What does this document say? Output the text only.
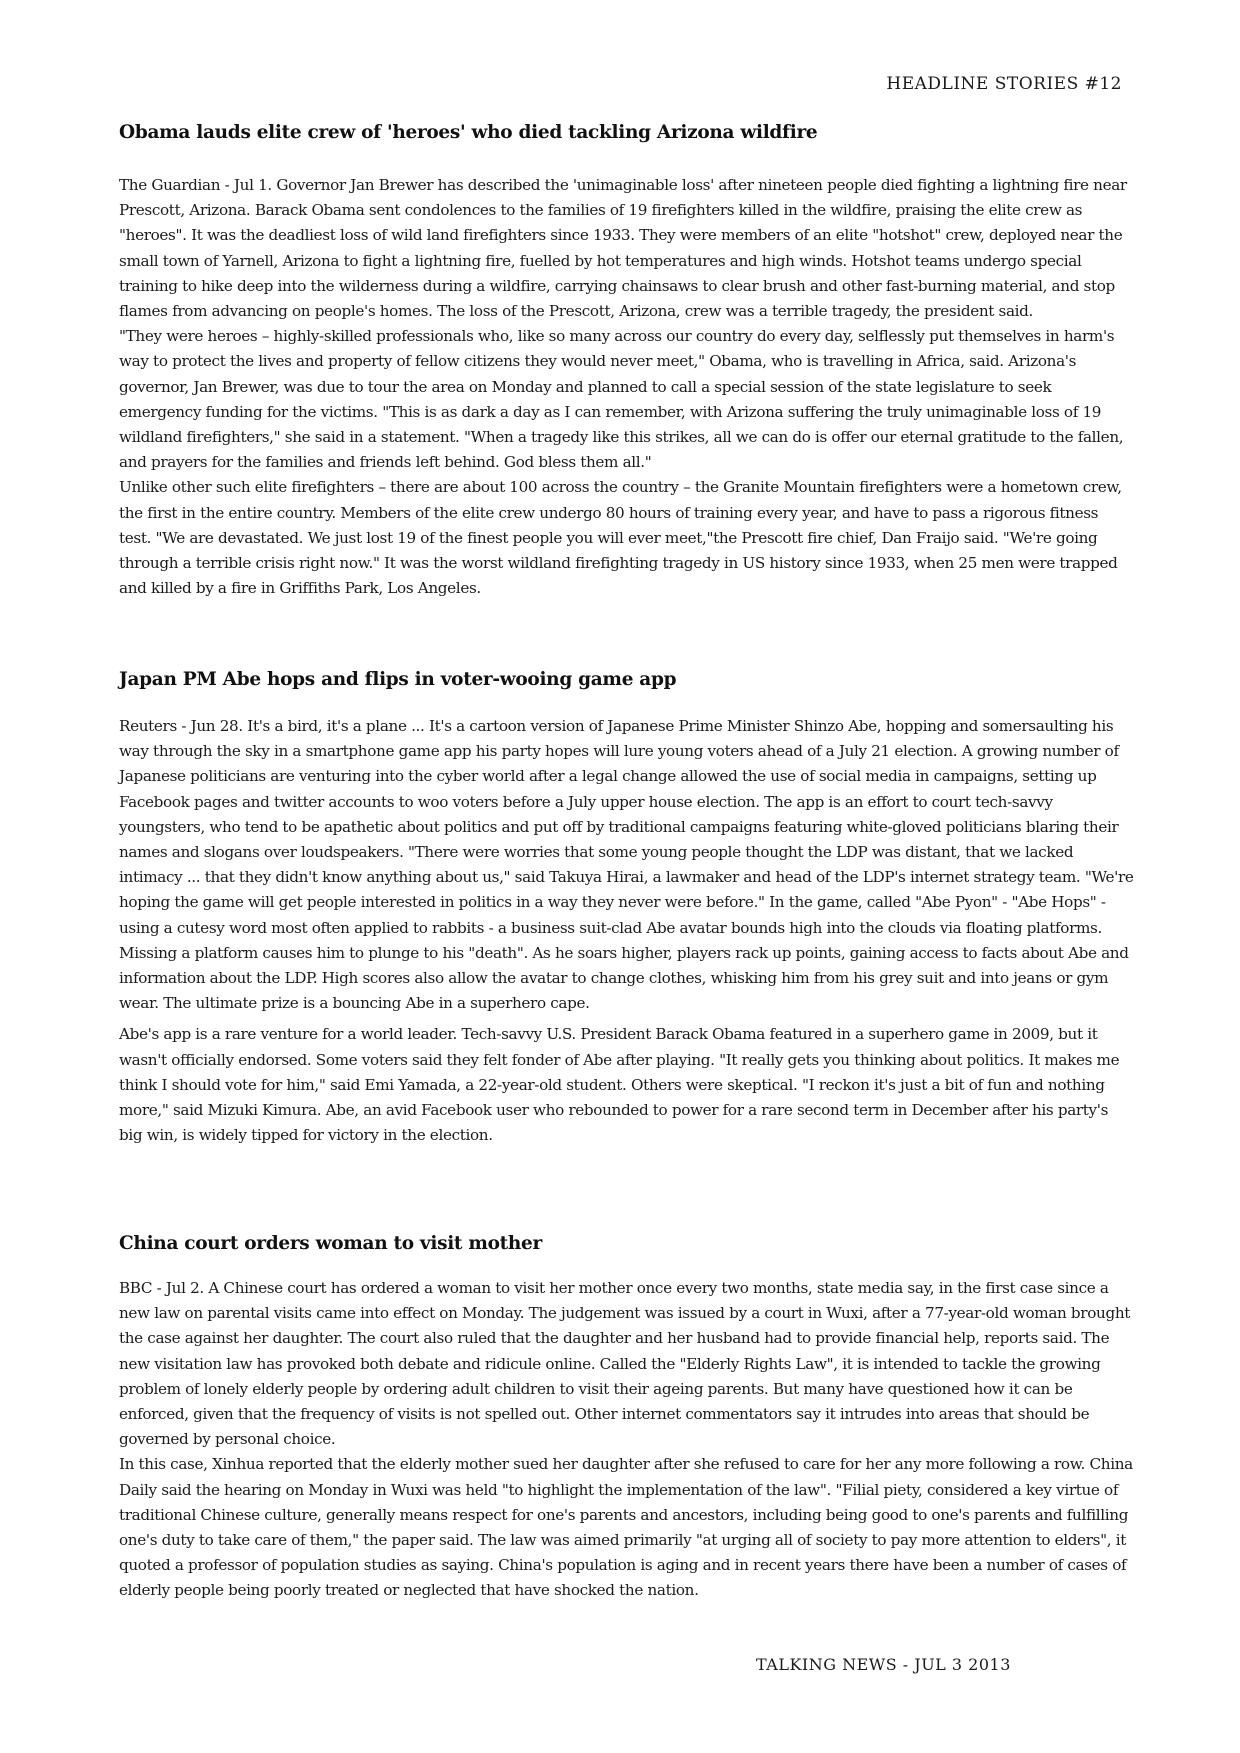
HEADLINE STORIES #12
Obama lauds elite crew of 'heroes' who died tackling Arizona wildfire

The Guardian - Jul 1. Governor Jan Brewer has described the 'unimaginable loss' after nineteen people died fighting a lightning fire near Prescott, Arizona. Barack Obama sent condolences to the families of 19 firefighters killed in the wildfire, praising the elite crew as "heroes". It was the deadliest loss of wild land firefighters since 1933. They were members of an elite "hotshot" crew, deployed near the small town of Yarnell, Arizona to fight a lightning fire, fuelled by hot temperatures and high winds. Hotshot teams undergo special training to hike deep into the wilderness during a wildfire, carrying chainsaws to clear brush and other fast-burning material, and stop flames from advancing on people's homes. The loss of the Prescott, Arizona, crew was a terrible tragedy, the president said.

"They were heroes – highly-skilled professionals who, like so many across our country do every day, selflessly put themselves in harm's way to protect the lives and property of fellow citizens they would never meet," Obama, who is travelling in Africa, said. Arizona's governor, Jan Brewer, was due to tour the area on Monday and planned to call a special session of the state legislature to seek emergency funding for the victims. "This is as dark a day as I can remember, with Arizona suffering the truly unimaginable loss of 19 wildland firefighters," she said in a statement. "When a tragedy like this strikes, all we can do is offer our eternal gratitude to the fallen, and prayers for the families and friends left behind. God bless them all."

Unlike other such elite firefighters – there are about 100 across the country – the Granite Mountain firefighters were a hometown crew, the first in the entire country. Members of the elite crew undergo 80 hours of training every year, and have to pass a rigorous fitness test. "We are devastated. We just lost 19 of the finest people you will ever meet,"the Prescott fire chief, Dan Fraijo said. "We're going through a terrible crisis right now." It was the worst wildland firefighting tragedy in US history since 1933, when 25 men were trapped and killed by a fire in Griffiths Park, Los Angeles.

Japan PM Abe hops and flips in voter-wooing game app

Reuters - Jun 28. It's a bird, it's a plane ... It's a cartoon version of Japanese Prime Minister Shinzo Abe, hopping and somersaulting his way through the sky in a smartphone game app his party hopes will lure young voters ahead of a July 21 election. A growing number of Japanese politicians are venturing into the cyber world after a legal change allowed the use of social media in campaigns, setting up Facebook pages and twitter accounts to woo voters before a July upper house election. The app is an effort to court tech-savvy youngsters, who tend to be apathetic about politics and put off by traditional campaigns featuring white-gloved politicians blaring their names and slogans over loudspeakers. "There were worries that some young people thought the LDP was distant, that we lacked intimacy ... that they didn't know anything about us," said Takuya Hirai, a lawmaker and head of the LDP's internet strategy team. "We're hoping the game will get people interested in politics in a way they never were before." In the game, called "Abe Pyon" - "Abe Hops" - using a cutesy word most often applied to rabbits - a business suit-clad Abe avatar bounds high into the clouds via floating platforms. Missing a platform causes him to plunge to his "death". As he soars higher, players rack up points, gaining access to facts about Abe and information about the LDP. High scores also allow the avatar to change clothes, whisking him from his grey suit and into jeans or gym wear. The ultimate prize is a bouncing Abe in a superhero cape.

Abe's app is a rare venture for a world leader. Tech-savvy U.S. President Barack Obama featured in a superhero game in 2009, but it wasn't officially endorsed. Some voters said they felt fonder of Abe after playing. "It really gets you thinking about politics. It makes me think I should vote for him," said Emi Yamada, a 22-year-old student. Others were skeptical. "I reckon it's just a bit of fun and nothing more," said Mizuki Kimura. Abe, an avid Facebook user who rebounded to power for a rare second term in December after his party's big win, is widely tipped for victory in the election.

China court orders woman to visit mother

BBC - Jul 2. A Chinese court has ordered a woman to visit her mother once every two months, state media say, in the first case since a new law on parental visits came into effect on Monday. The judgement was issued by a court in Wuxi, after a 77-year-old woman brought the case against her daughter. The court also ruled that the daughter and her husband had to provide financial help, reports said. The new visitation law has provoked both debate and ridicule online. Called the "Elderly Rights Law", it is intended to tackle the growing problem of lonely elderly people by ordering adult children to visit their ageing parents. But many have questioned how it can be enforced, given that the frequency of visits is not spelled out. Other internet commentators say it intrudes into areas that should be governed by personal choice.

In this case, Xinhua reported that the elderly mother sued her daughter after she refused to care for her any more following a row. China Daily said the hearing on Monday in Wuxi was held "to highlight the implementation of the law". "Filial piety, considered a key virtue of traditional Chinese culture, generally means respect for one's parents and ancestors, including being good to one's parents and fulfilling one's duty to take care of them," the paper said. The law was aimed primarily "at urging all of society to pay more attention to elders", it quoted a professor of population studies as saying. China's population is aging and in recent years there have been a number of cases of elderly people being poorly treated or neglected that have shocked the nation.

TALKING NEWS - JUL 3 2013
